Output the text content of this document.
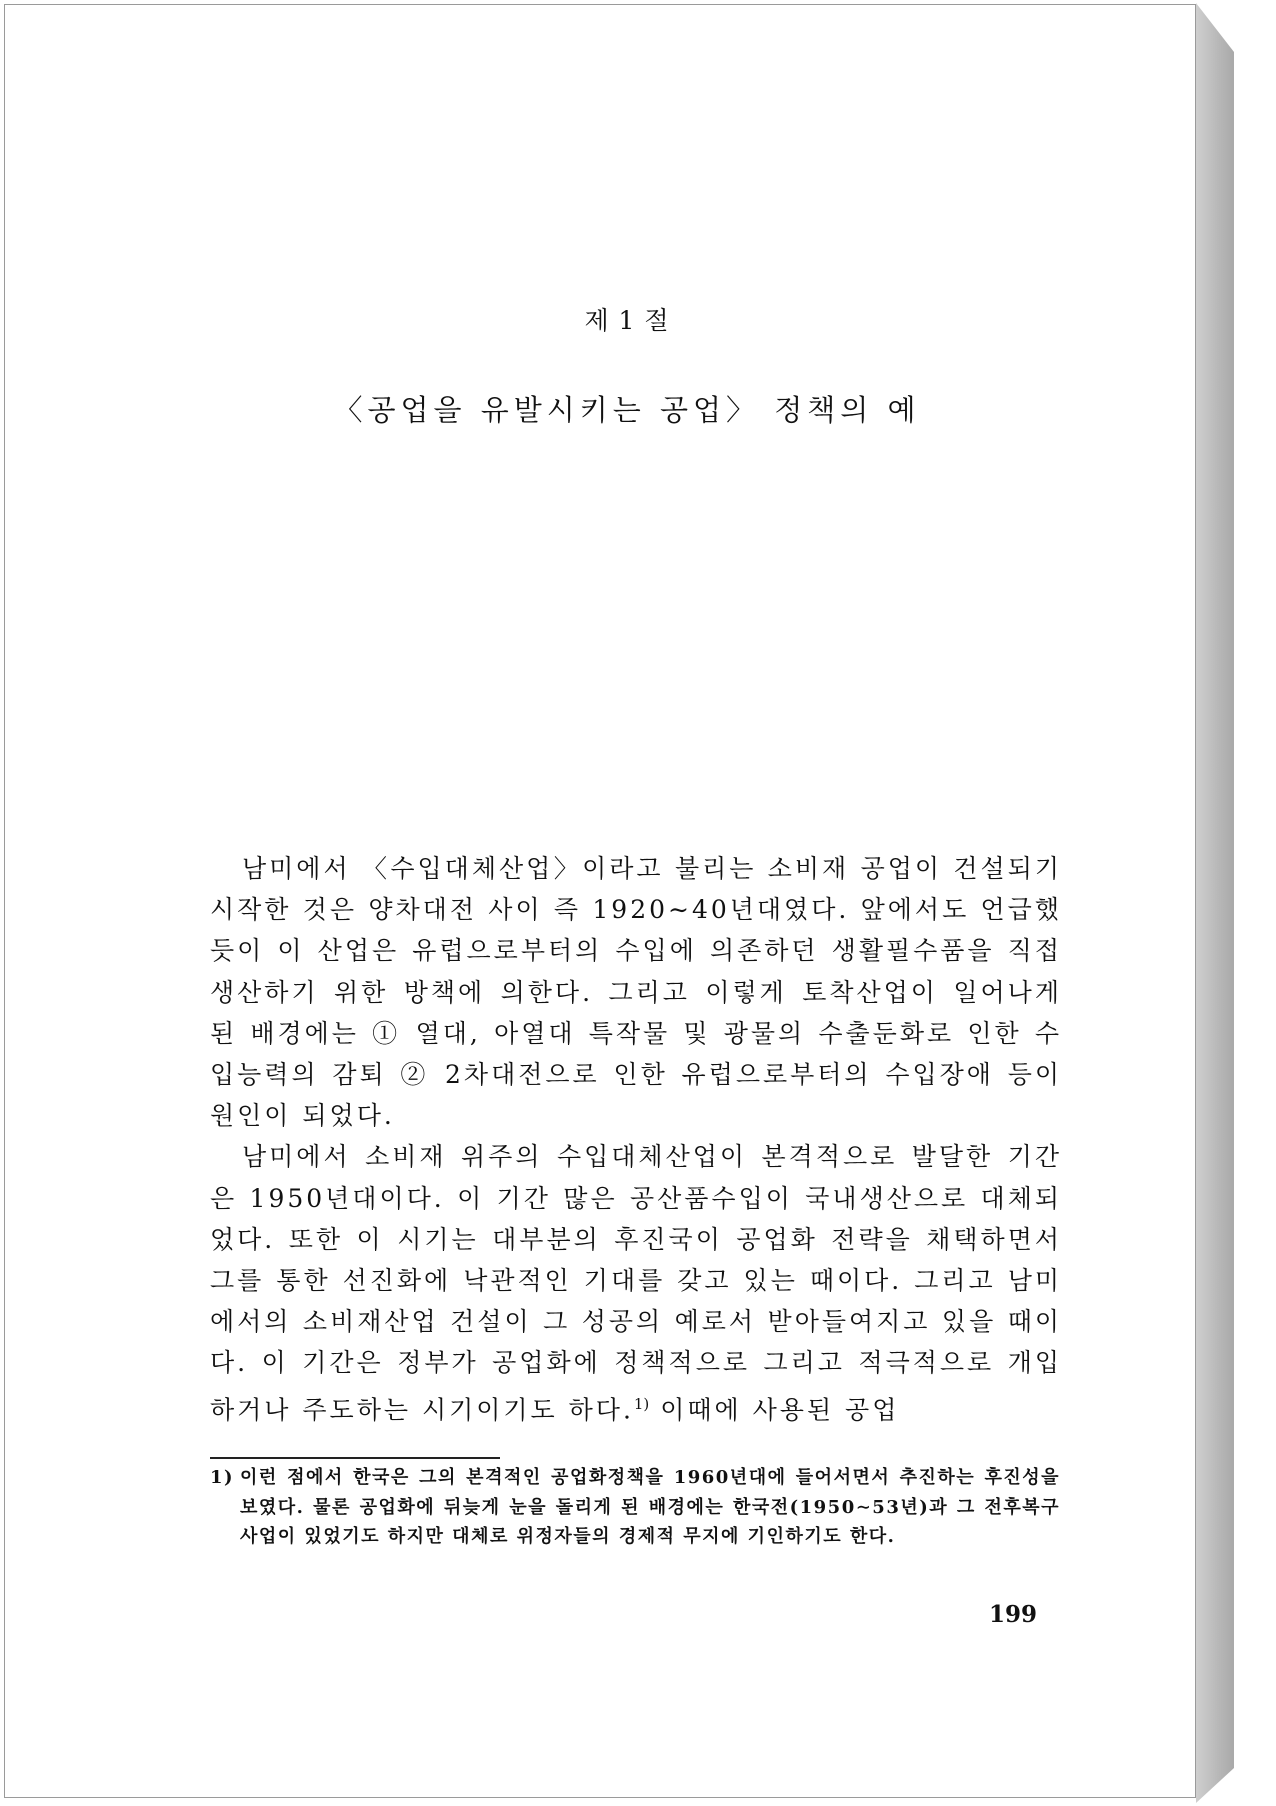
제 1 절
〈공업을 유발시키는 공업〉 정책의 예

남미에서 〈수입대체산업〉이라고 불리는 소비재 공업이 건설되기 시작한 것은 양차대전 사이 즉 1920∼40년대였다. 앞에서도 언급했듯이 이 산업은 유럽으로부터의 수입에 의존하던 생활필수품을 직접 생산하기 위한 방책에 의한다. 그리고 이렇게 토착산업이 일어나게 된 배경에는 ① 열대, 아열대 특작물 및 광물의 수출둔화로 인한 수입능력의 감퇴 ② 2차대전으로 인한 유럽으로부터의 수입장애 등이 원인이 되었다.

남미에서 소비재 위주의 수입대체산업이 본격적으로 발달한 기간은 1950년대이다. 이 기간 많은 공산품수입이 국내생산으로 대체되었다. 또한 이 시기는 대부분의 후진국이 공업화 전략을 채택하면서 그를 통한 선진화에 낙관적인 기대를 갖고 있는 때이다. 그리고 남미에서의 소비재산업 건설이 그 성공의 예로서 받아들여지고 있을 때이다. 이 기간은 정부가 공업화에 정책적으로 그리고 적극적으로 개입하거나 주도하는 시기이기도 하다.$^{1)}$ 이때에 사용된 공업

1) 이런 점에서 한국은 그의 본격적인 공업화정책을 1960년대에 들어서면서 추진하는 후진성을 보였다. 물론 공업화에 뒤늦게 눈을 돌리게 된 배경에는 한국전(1950∼53년)과 그 전후복구사업이 있었기도 하지만 대체로 위정자들의 경제적 무지에 기인하기도 한다.
199
